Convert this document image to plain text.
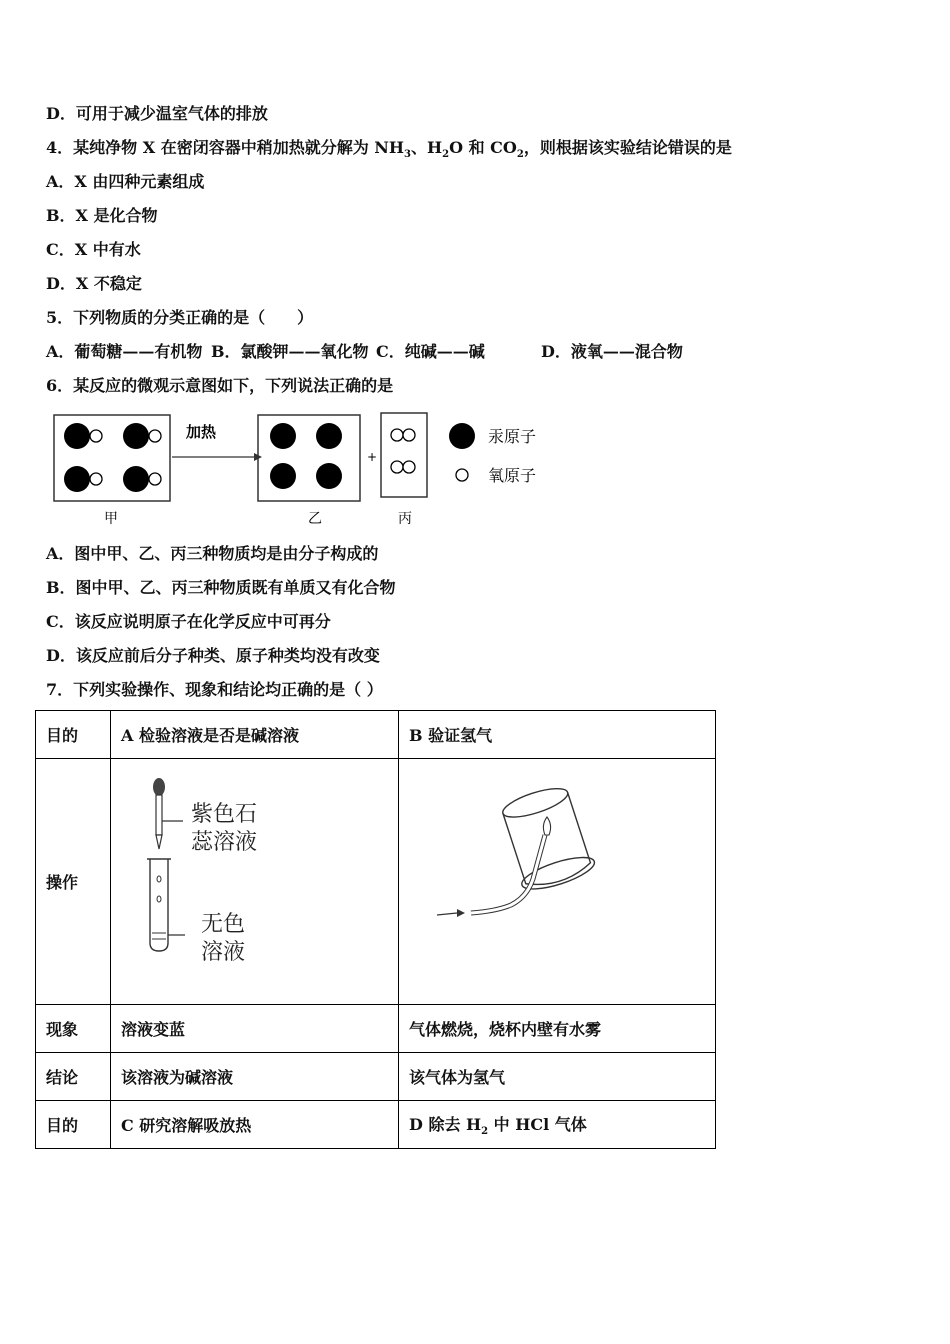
D．可用于减少温室气体的排放
4．某纯净物 X 在密闭容器中稍加热就分解为 $NH_3$、$H_2O$ 和 $CO_2$，则根据该实验结论错误的是
A．X 由四种元素组成
B．X 是化合物
C．X 中有水
D．X 不稳定
5．下列物质的分类正确的是（　　）
A．葡萄糖——有机物 B．氯酸钾——氧化物 C．纯碱——碱	D．液氧——混合物
6．某反应的微观示意图如下，下列说法正确的是
甲
加热
乙
+
丙
汞原子
氧原子
A．图中甲、乙、丙三种物质均是由分子构成的
B．图中甲、乙、丙三种物质既有单质又有化合物
C．该反应说明原子在化学反应中可再分
D．该反应前后分子种类、原子种类均没有改变
7．下列实验操作、现象和结论均正确的是（ ）
目的	A 检验溶液是否是碱溶液	B 验证氢气
操作	紫色石
蕊溶液
无色
溶液

现象	溶液变蓝	气体燃烧，烧杯内壁有水雾
结论	该溶液为碱溶液	该气体为氢气
目的	C 研究溶解吸放热	D 除去 $H_2$ 中 HCl 气体
